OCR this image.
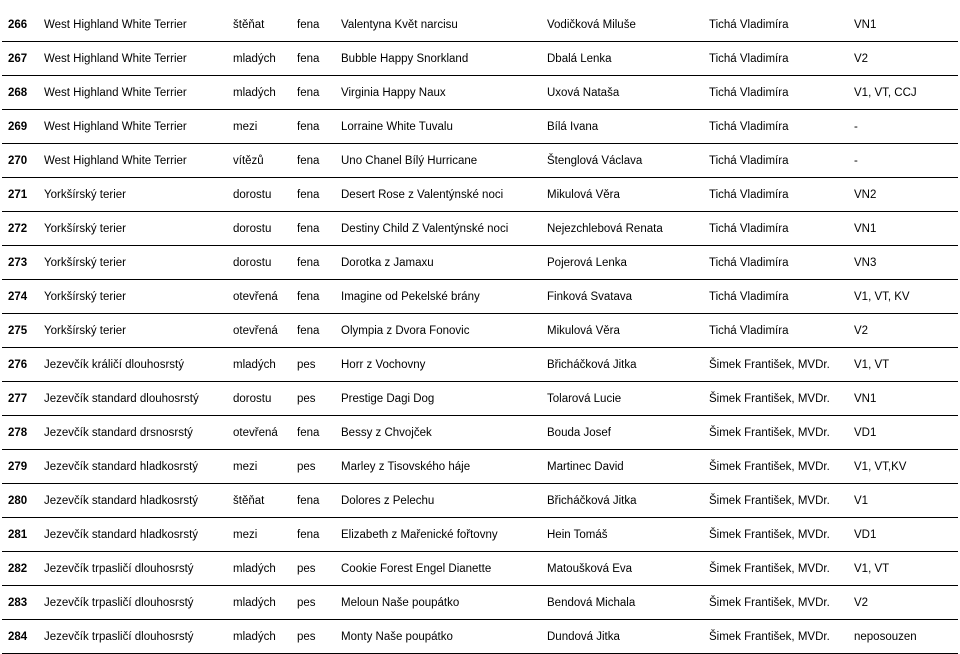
266	West Highland White Terrier	štěňat	fena	Valentyna Květ narcisu	Vodičková Miluše	Tichá Vladimíra	VN1
267	West Highland White Terrier	mladých	fena	Bubble Happy Snorkland	Dbalá Lenka	Tichá Vladimíra	V2
268	West Highland White Terrier	mladých	fena	Virginia Happy Naux	Uxová Nataša	Tichá Vladimíra	V1, VT, CCJ
269	West Highland White Terrier	mezi	fena	Lorraine White Tuvalu	Bílá Ivana	Tichá Vladimíra	-
270	West Highland White Terrier	vítězů	fena	Uno Chanel Bílý Hurricane	Štenglová Václava	Tichá Vladimíra	-
271	Yorkšírský terier	dorostu	fena	Desert Rose z Valentýnské noci	Mikulová Věra	Tichá Vladimíra	VN2
272	Yorkšírský terier	dorostu	fena	Destiny Child Z Valentýnské noci	Nejezchlebová Renata	Tichá Vladimíra	VN1
273	Yorkšírský terier	dorostu	fena	Dorotka z Jamaxu	Pojerová Lenka	Tichá Vladimíra	VN3
274	Yorkšírský terier	otevřená	fena	Imagine od Pekelské brány	Finková Svatava	Tichá Vladimíra	V1, VT, KV
275	Yorkšírský terier	otevřená	fena	Olympia z Dvora Fonovic	Mikulová Věra	Tichá Vladimíra	V2
276	Jezevčík králičí dlouhosrstý	mladých	pes	Horr z Vochovny	Břicháčková Jitka	Šimek František, MVDr.	V1, VT
277	Jezevčík standard dlouhosrstý	dorostu	pes	Prestige Dagi Dog	Tolarová Lucie	Šimek František, MVDr.	VN1
278	Jezevčík standard drsnosrstý	otevřená	fena	Bessy z Chvojček	Bouda Josef	Šimek František, MVDr.	VD1
279	Jezevčík standard hladkosrstý	mezi	pes	Marley z Tisovského háje	Martinec David	Šimek František, MVDr.	V1, VT,KV
280	Jezevčík standard hladkosrstý	štěňat	fena	Dolores z Pelechu	Břicháčková Jitka	Šimek František, MVDr.	V1
281	Jezevčík standard hladkosrstý	mezi	fena	Elizabeth z Mařenické fořtovny	Hein Tomáš	Šimek František, MVDr.	VD1
282	Jezevčík trpasličí dlouhosrstý	mladých	pes	Cookie Forest Engel Dianette	Matoušková Eva	Šimek František, MVDr.	V1, VT
283	Jezevčík trpasličí dlouhosrstý	mladých	pes	Meloun Naše poupátko	Bendová Michala	Šimek František, MVDr.	V2
284	Jezevčík trpasličí dlouhosrstý	mladých	pes	Monty Naše poupátko	Dundová Jitka	Šimek František, MVDr.	neposouzen
